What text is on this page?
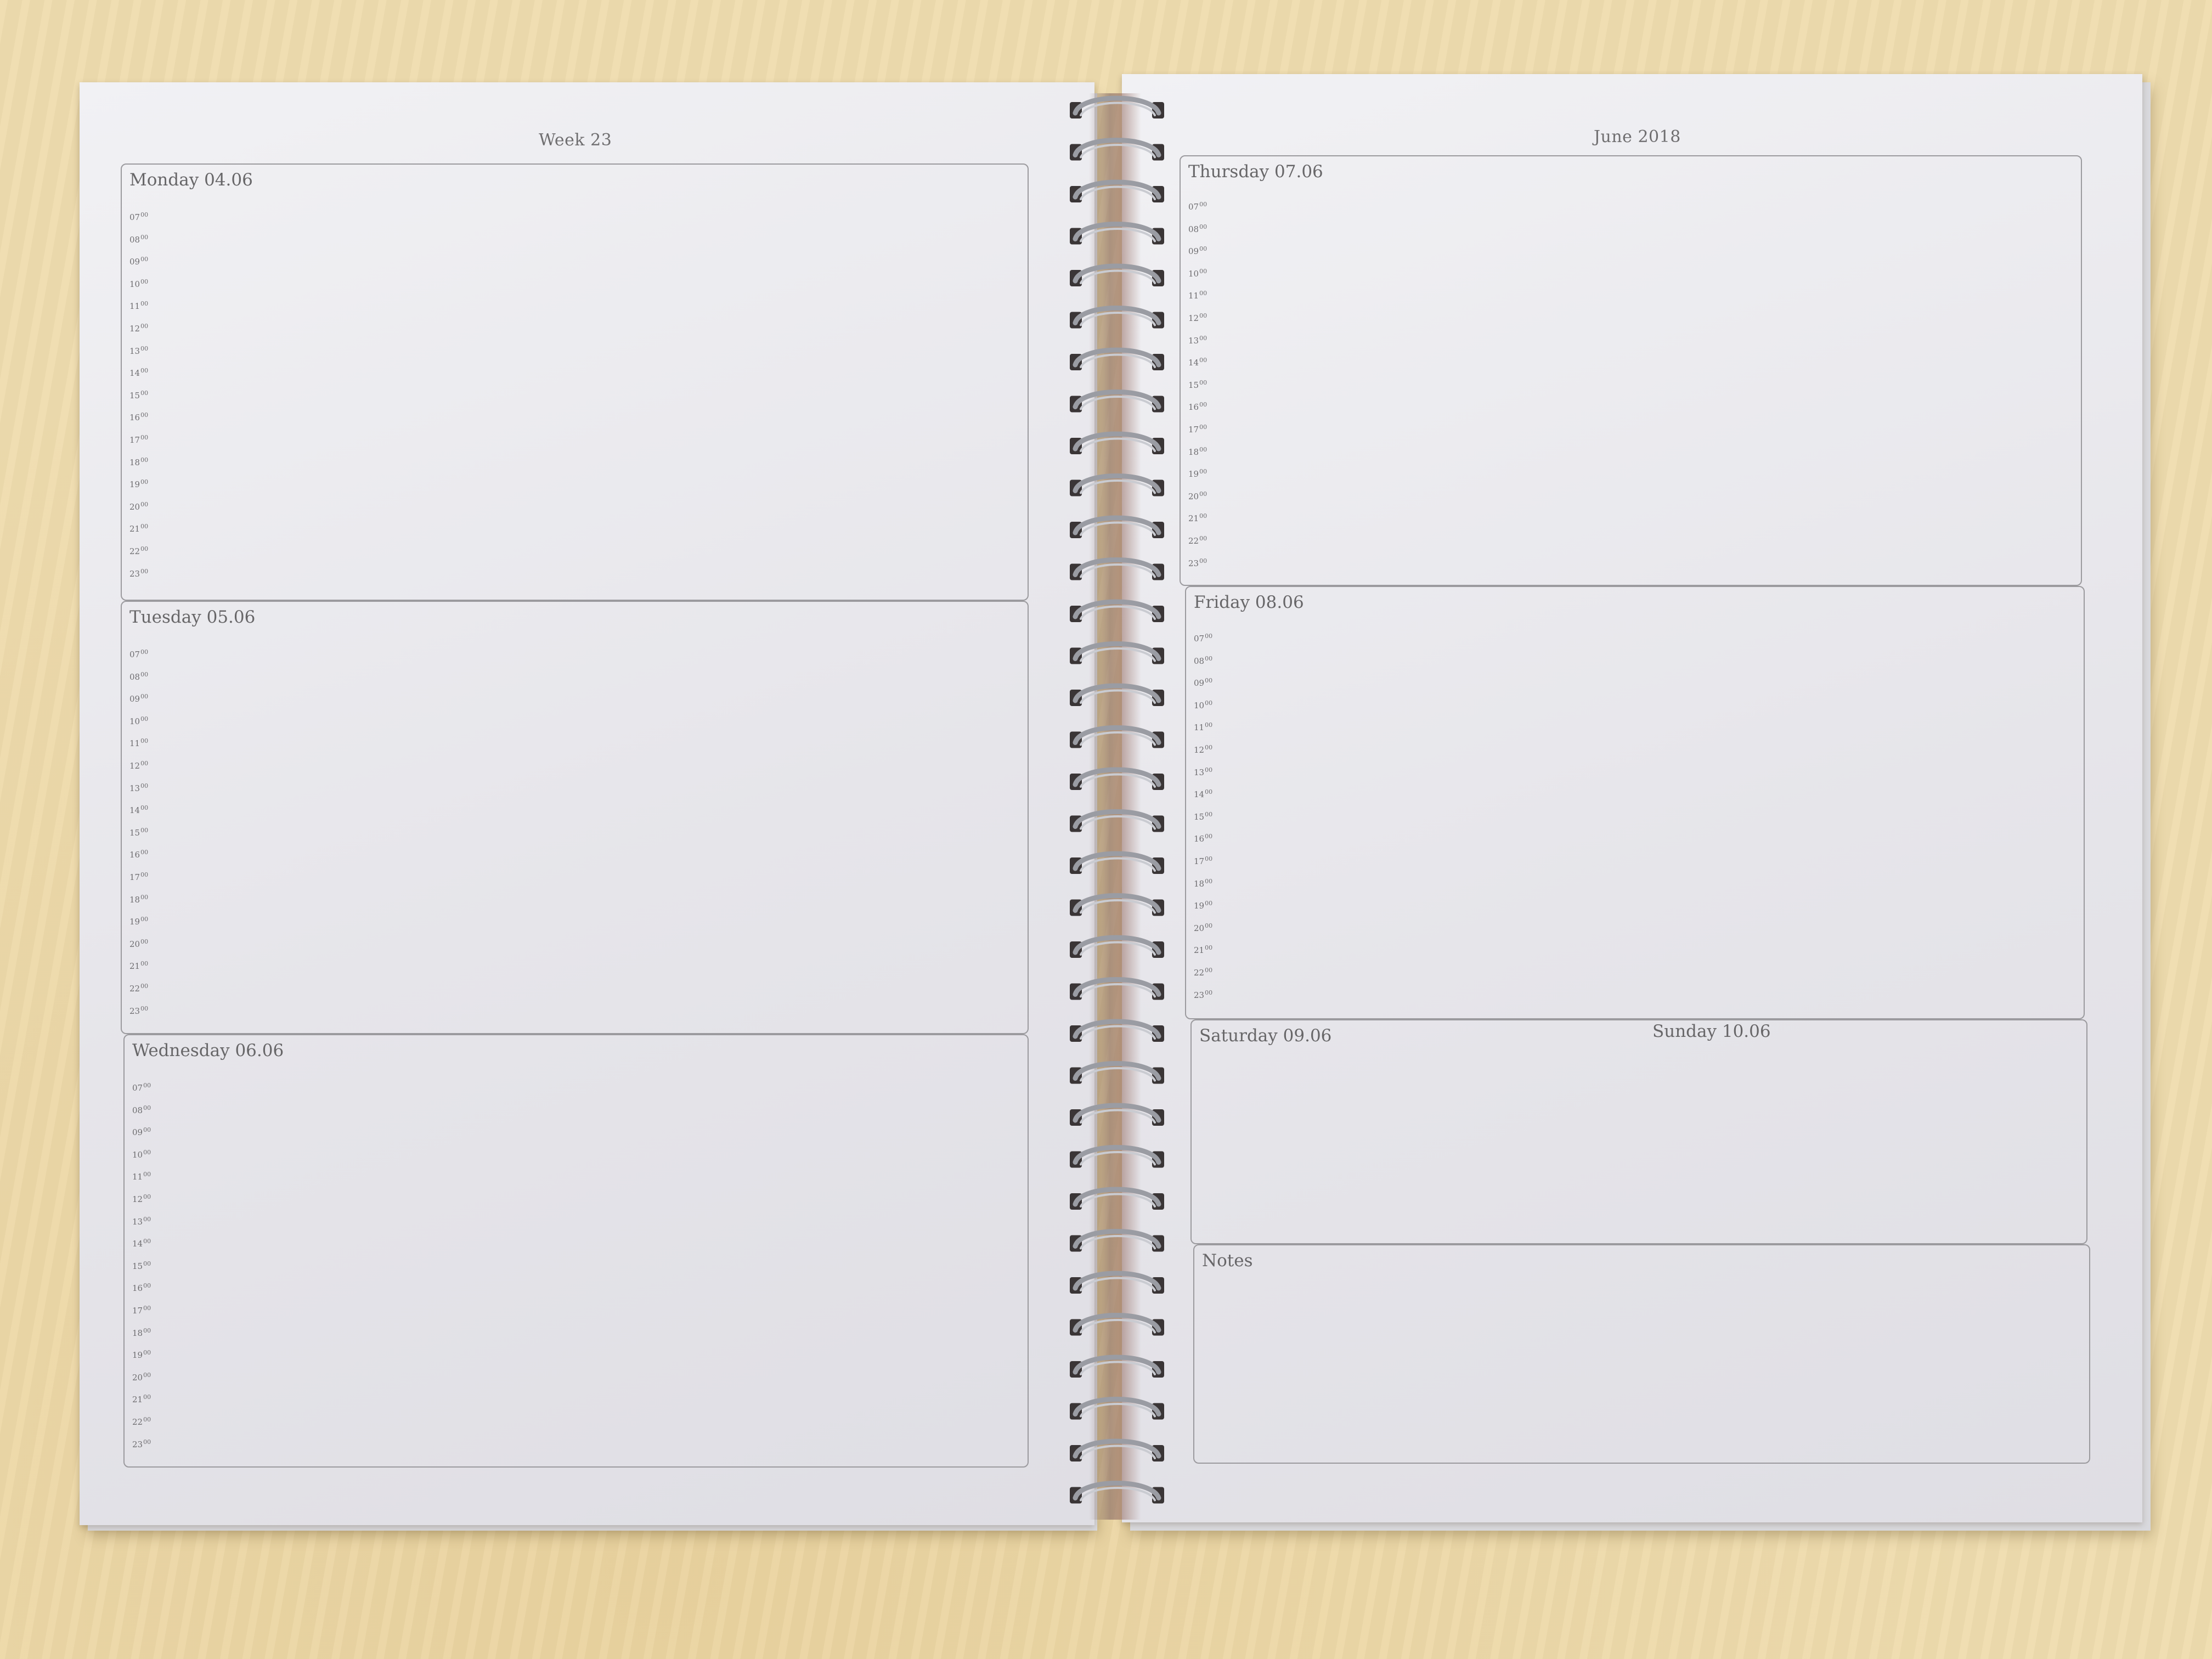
Week 23
Monday 04.06
$07^{00}$
$08^{00}$
$09^{00}$
$10^{00}$
$11^{00}$
$12^{00}$
$13^{00}$
$14^{00}$
$15^{00}$
$16^{00}$
$17^{00}$
$18^{00}$
$19^{00}$
$20^{00}$
$21^{00}$
$22^{00}$
$23^{00}$
Tuesday 05.06
$07^{00}$
$08^{00}$
$09^{00}$
$10^{00}$
$11^{00}$
$12^{00}$
$13^{00}$
$14^{00}$
$15^{00}$
$16^{00}$
$17^{00}$
$18^{00}$
$19^{00}$
$20^{00}$
$21^{00}$
$22^{00}$
$23^{00}$
Wednesday 06.06
$07^{00}$
$08^{00}$
$09^{00}$
$10^{00}$
$11^{00}$
$12^{00}$
$13^{00}$
$14^{00}$
$15^{00}$
$16^{00}$
$17^{00}$
$18^{00}$
$19^{00}$
$20^{00}$
$21^{00}$
$22^{00}$
$23^{00}$
June 2018
Thursday 07.06
$07^{00}$
$08^{00}$
$09^{00}$
$10^{00}$
$11^{00}$
$12^{00}$
$13^{00}$
$14^{00}$
$15^{00}$
$16^{00}$
$17^{00}$
$18^{00}$
$19^{00}$
$20^{00}$
$21^{00}$
$22^{00}$
$23^{00}$
Friday 08.06
$07^{00}$
$08^{00}$
$09^{00}$
$10^{00}$
$11^{00}$
$12^{00}$
$13^{00}$
$14^{00}$
$15^{00}$
$16^{00}$
$17^{00}$
$18^{00}$
$19^{00}$
$20^{00}$
$21^{00}$
$22^{00}$
$23^{00}$
Saturday 09.06	Sunday 10.06
Notes
